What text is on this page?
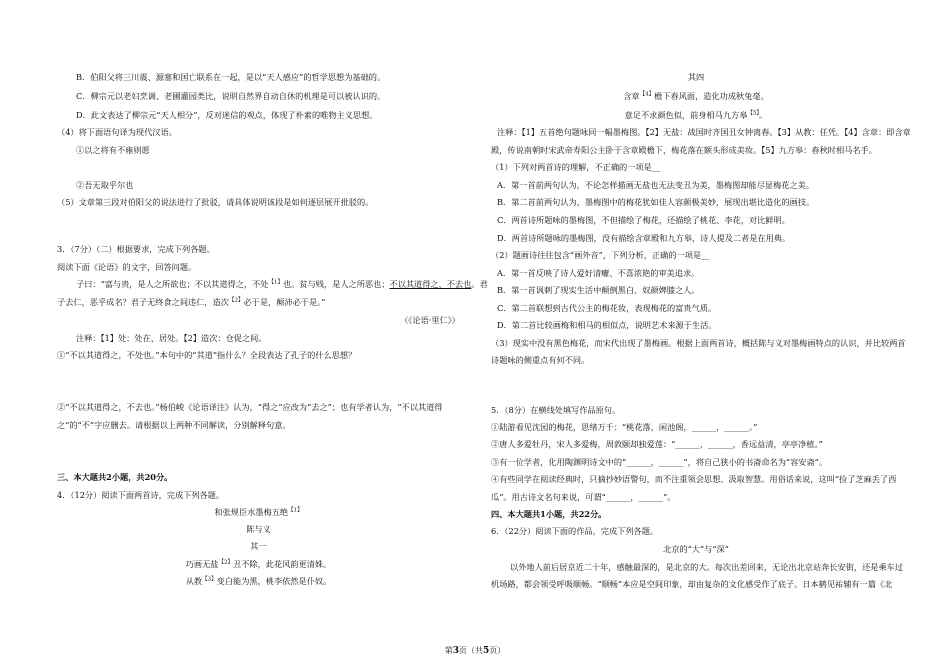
B．伯阳父将三川震、源塞和国亡联系在一起，是以“天人感应”的哲学思想为基础的。
C．柳宗元以老妇烹调、老圃灌园类比，说明自然界自动自休的机理是可以被认识的。
D．此文表达了柳宗元“天人相分”，反对迷信的观点，体现了朴素的唯物主义思想。
（4）将下面语句译为现代汉语。
①以之将有不雍则愿
②吾无取乎尔也
（5）文章第三段对伯阳父的说法进行了批驳，请具体说明该段是如何逐层展开批驳的。
3．（7分）（二）根据要求，完成下列各题。
阅读下面《论语》的文字，回答问题。
子曰：“富与贵，是人之所欲也；不以其道得之，不处$^{【1】}$也。贫与贱，是人之所恶也；不以其道得之，不去也。君
子去仁，恶乎成名？君子无终食之间违仁，造次$^{【2】}$必于是，颠沛必于是。”
（《论语·里仁》）
注释：【1】处：处在、居处。【2】造次：仓促之间。
①“不以其道得之，不处也。”本句中的“其道”指什么？全段表达了孔子的什么思想？
②“不以其道得之，不去也。”杨伯峻《论语译注》认为，“得之”应改为“去之”；也有学者认为，“不以其道得
之”的“不”字应删去。请根据以上两种不同解读，分别解释句意。
三、本大题共2小题，共20分。
4．（12分）阅读下面两首诗，完成下列各题。
和张规臣水墨梅五绝$^{【1】}$
陈与义
其一
巧画无盐$^{【2】}$丑不除，此花风韵更清姝。
从教$^{【3】}$变白能为黑，桃李依然是仆奴。
其四
含章$^{【4】}$檐下春风面，造化功成秋兔毫。
意足不求颜色似，前身相马九方皋$^{【5】}$。
注释：【1】五首绝句题咏同一幅墨梅图。【2】无盐：战国时齐国丑女钟离春。【3】从教：任凭。【4】含章：即含章
殿，传说南朝时宋武帝寿阳公主卧于含章殿檐下，梅花落在额头形成美妆。【5】九方皋：春秋时相马名手。
（1）下列对两首诗的理解，不正确的一项是__
A．第一首前两句认为，不论怎样描画无盐也无法变丑为美，墨梅图却能尽显梅花之美。
B．第二首前两句认为，墨梅图中的梅花犹如佳人容颜极美妙，展现出堪比造化的画技。
C．两首诗所题咏的墨梅图，不但描绘了梅花，还描绘了桃花、李花，对比鲜明。
D．两首诗所题咏的墨梅图，没有描绘含章殿和九方皋，诗人提及二者是在用典。
（2）题画诗往往包含“画外音”，下列分析，正确的一项是__
A．第一首反映了诗人爱好清癯、不喜浓艳的审美追求。
B．第一首讽刺了现实生活中颠倒黑白、奴颜婢膝之人。
C．第二首联想到古代公主的梅花妆，表现梅花的富贵气质。
D．第二首比较画梅和相马的相似点，说明艺术来源于生活。
（3）现实中没有黑色梅花，而宋代出现了墨梅画。根据上面两首诗，概括陈与义对墨梅画特点的认识，并比较两首
诗题咏的侧重点有何不同。
5．（8分）在横线处填写作品原句。
①陆游看见沈园的梅花，思绪万千：“桃花落，闲池阁，______，______。”
②唐人多爱牡丹，宋人多爱梅，周敦颐却独爱莲：“______，______，香远益清，亭亭净植。”
③有一位学者，化用陶渊明诗文中的“______，______”，将自己狭小的书斋命名为“容安斋”。
④有些同学在阅读经典时，只摘抄妙语警句，而不注重领会思想、汲取智慧。用俗话来说，这叫“捡了芝麻丢了西
瓜”。用古诗文名句来说，可谓“______，______”。
四、本大题共1小题，共22分。
6．（22分）阅读下面的作品，完成下列各题。
北京的“大”与“深”
以外地人前后居京近二十年，感触最深的，是北京的大。每次出差回来，无论出北京站奔长安街，还是乘车过
机场路，都会领受呼吸顺畅。“顺畅”本应是空间印象，却由复杂的文化感受作了底子。日本鹤见祐辅有一篇《北
第3页（共5页）
